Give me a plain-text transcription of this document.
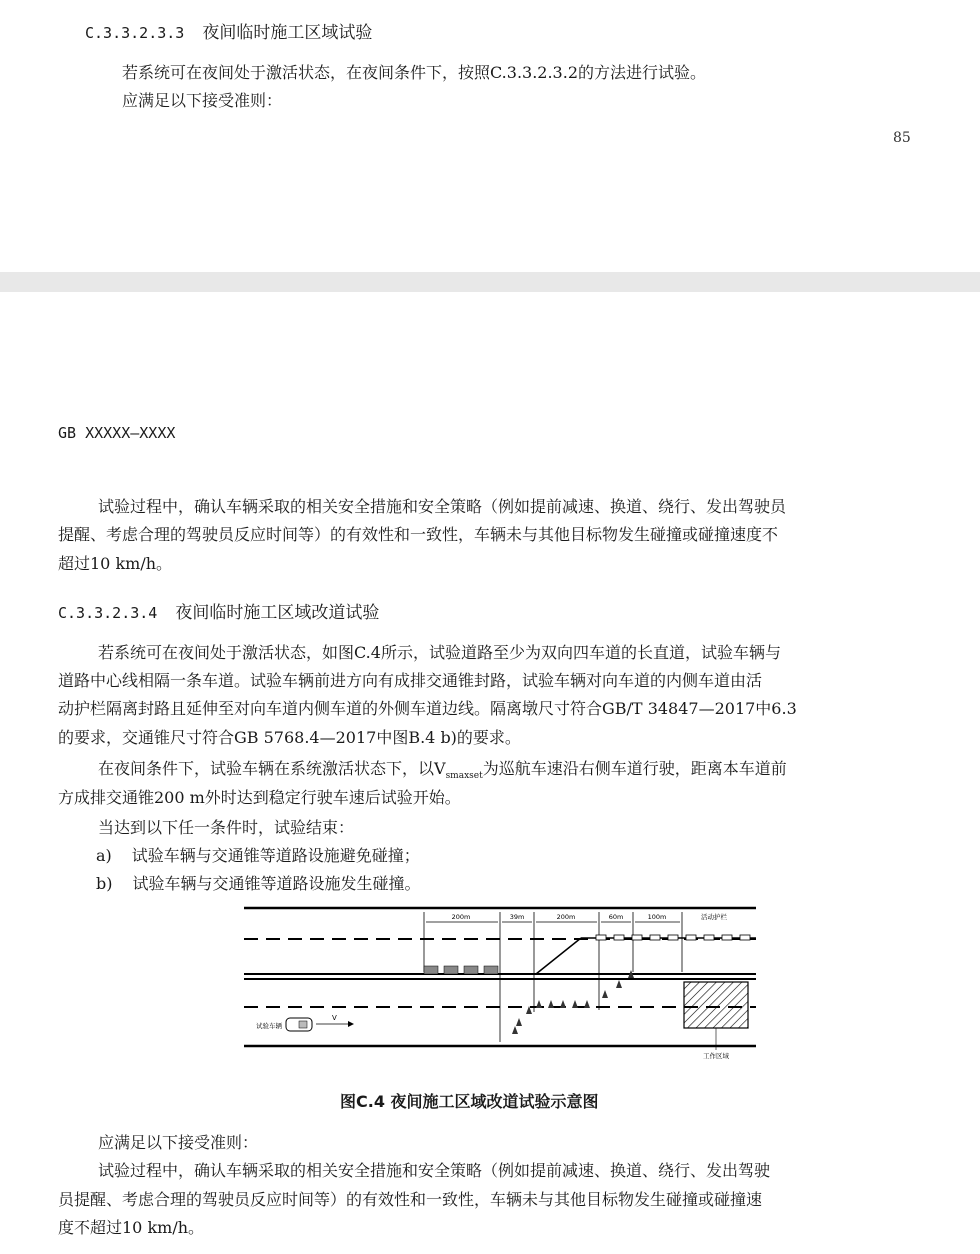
C.3.3.2.3.3 夜间临时施工区域试验

若系统可在夜间处于激活状态，在夜间条件下，按照C.3.3.2.3.2的方法进行试验。

应满足以下接受准则：

85
GB XXXXX—XXXX

试验过程中，确认车辆采取的相关安全措施和安全策略（例如提前减速、换道、绕行、发出驾驶员

提醒、考虑合理的驾驶员反应时间等）的有效性和一致性，车辆未与其他目标物发生碰撞或碰撞速度不

超过10 km/h。

C.3.3.2.3.4 夜间临时施工区域改道试验

若系统可在夜间处于激活状态，如图C.4所示，试验道路至少为双向四车道的长直道，试验车辆与

道路中心线相隔一条车道。试验车辆前进方向有成排交通锥封路，试验车辆对向车道的内侧车道由活

动护栏隔离封路且延伸至对向车道内侧车道的外侧车道边线。隔离墩尺寸符合GB/T 34847—2017中6.3

的要求，交通锥尺寸符合GB 5768.4—2017中图B.4 b)的要求。

在夜间条件下，试验车辆在系统激活状态下，以$V_{smaxset}$为巡航车速沿右侧车道行驶，距离本车道前

方成排交通锥200 m外时达到稳定行驶车速后试验开始。

当达到以下任一条件时，试验结束：

a) 试验车辆与交通锥等道路设施避免碰撞；
b) 试验车辆与交通锥等道路设施发生碰撞。
200m	39m	200m	60m	100m	活动护栏
工作区域
试验车辆
V
图C.4 夜间施工区域改道试验示意图

应满足以下接受准则：

试验过程中，确认车辆采取的相关安全措施和安全策略（例如提前减速、换道、绕行、发出驾驶

员提醒、考虑合理的驾驶员反应时间等）的有效性和一致性，车辆未与其他目标物发生碰撞或碰撞速

度不超过10 km/h。
